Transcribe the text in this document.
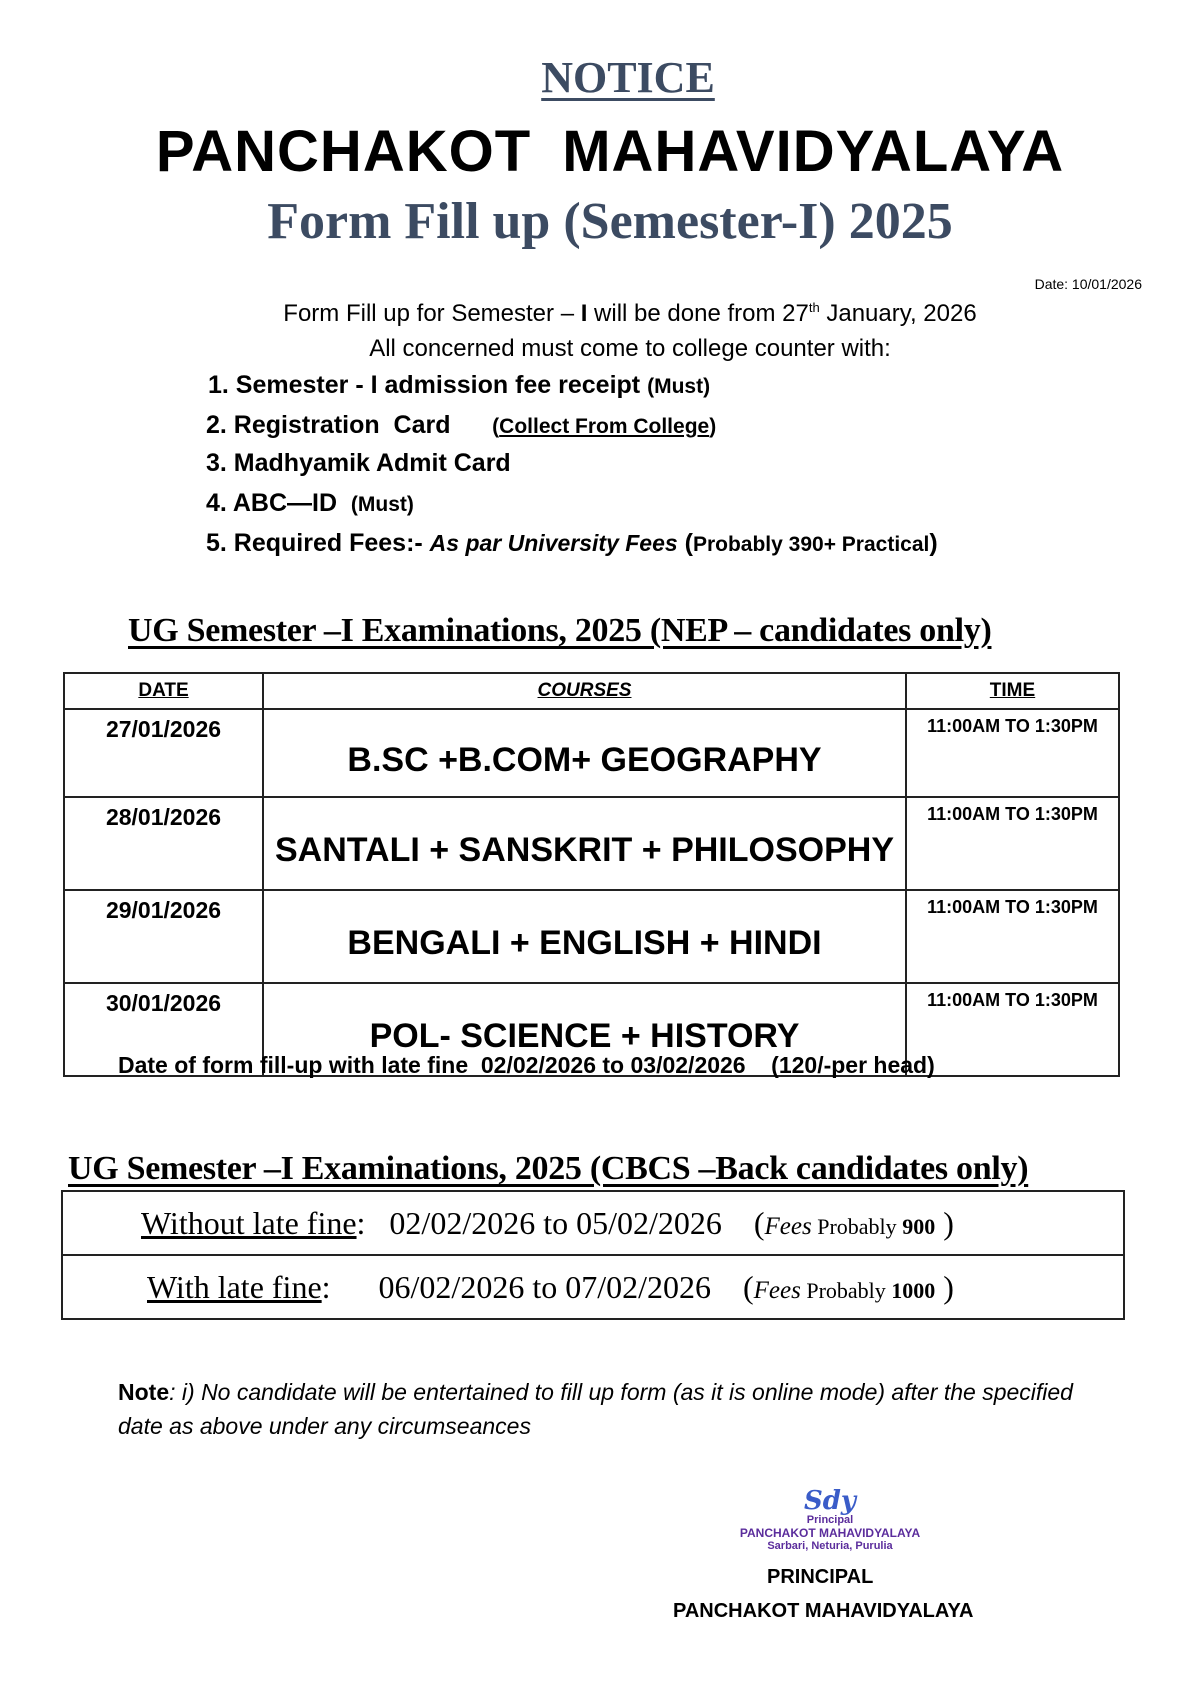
NOTICE
PANCHAKOT MAHAVIDYALAYA
Form Fill up (Semester-I) 2025
Date: 10/01/2026
Form Fill up for Semester – I will be done from 27th January, 2026
All concerned must come to college counter with:
1. Semester - I admission fee receipt (Must)
2. Registration  Card      (Collect From College)
3. Madhyamik Admit Card
4. ABC—ID  (Must)
5. Required Fees:- As par University Fees (Probably 390+ Practical)
UG Semester –I Examinations, 2025 (NEP – candidates only)
DATE	COURSES	TIME
27/01/2026	B.SC +B.COM+ GEOGRAPHY	11:00AM TO 1:30PM
28/01/2026	SANTALI + SANSKRIT + PHILOSOPHY	11:00AM TO 1:30PM
29/01/2026	BENGALI + ENGLISH + HINDI	11:00AM TO 1:30PM
30/01/2026	POL- SCIENCE + HISTORY	11:00AM TO 1:30PM
Date of form fill-up with late fine  02/02/2026 to 03/02/2026    (120/-per head)
UG Semester –I Examinations, 2025 (CBCS –Back candidates only)
Without late fine:   02/02/2026 to 05/02/2026    (Fees Probably 900 )
With late fine:      06/02/2026 to 07/02/2026    (Fees Probably 1000 )
Note: i) No candidate will be entertained to fill up form (as it is online mode) after the specified date as above under any circumseances
Sdy
Principal
PANCHAKOT MAHAVIDYALAYA
Sarbari, Neturia, Purulia
PRINCIPAL
PANCHAKOT MAHAVIDYALAYA
